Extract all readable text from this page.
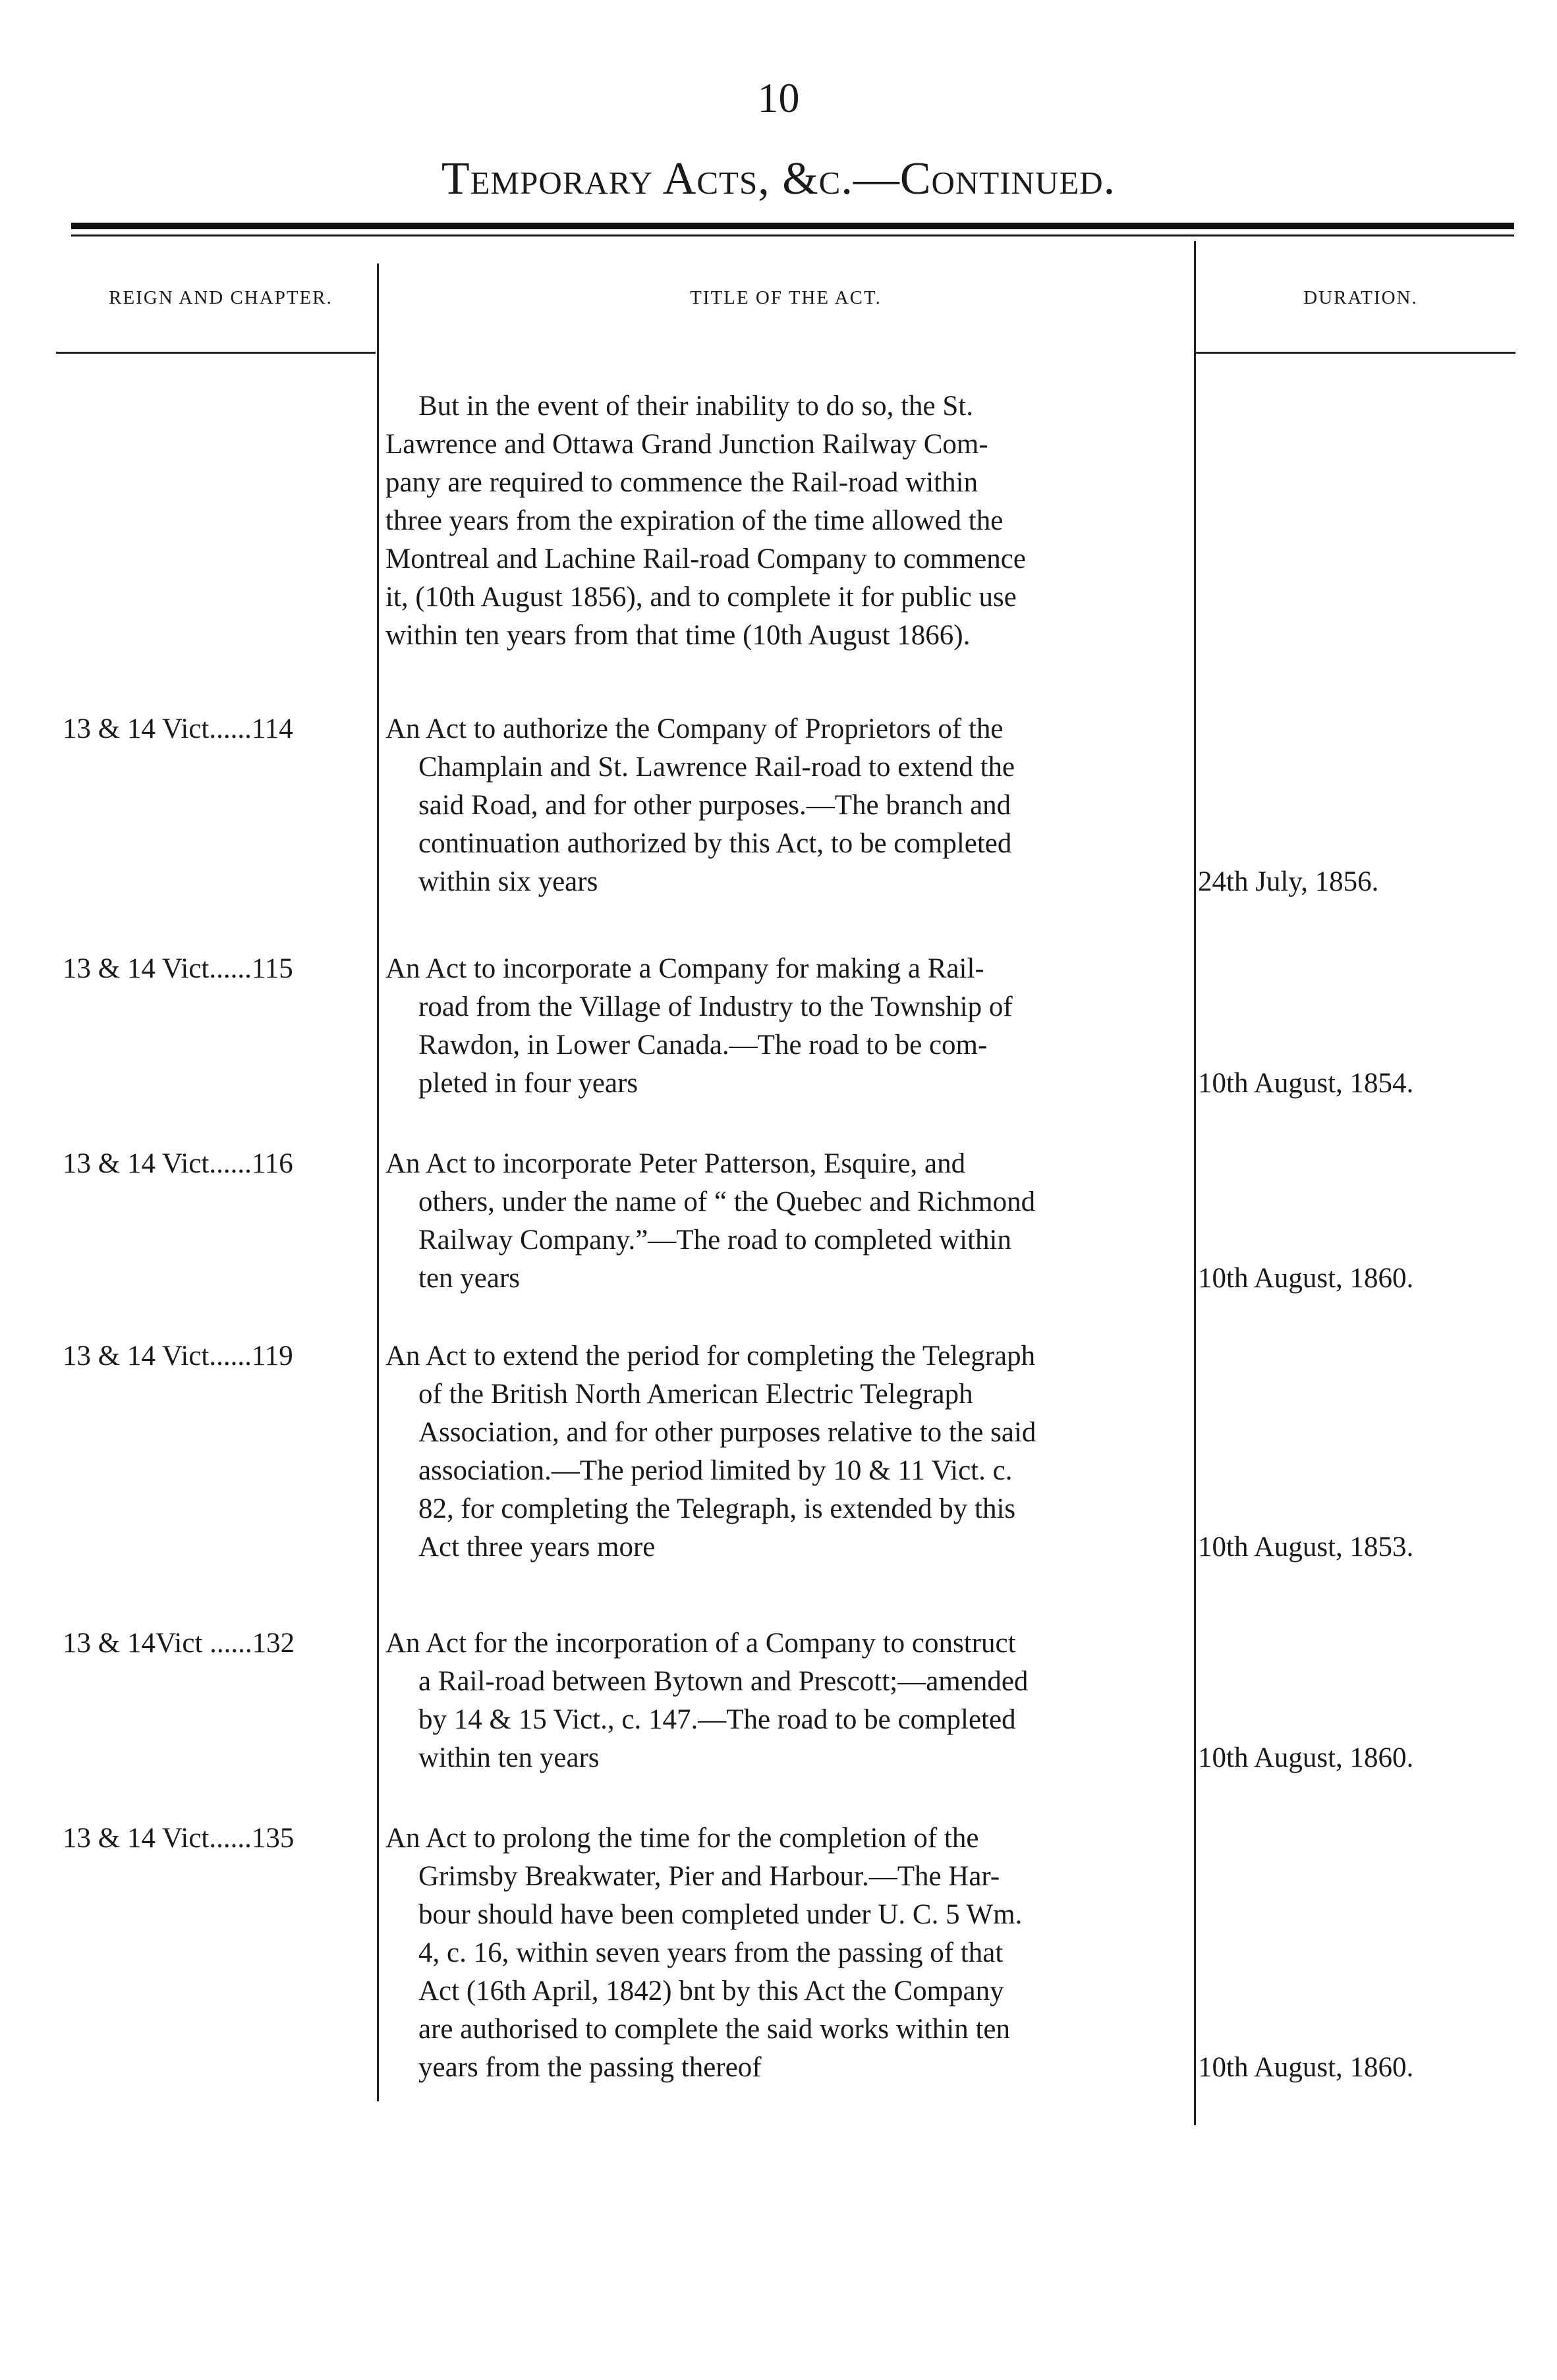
10
Temporary Acts, &c.—Continued.
REIGN AND CHAPTER.	TITLE OF THE ACT.	DURATION.
But in the event of their inability to do so, the St.
Lawrence and Ottawa Grand Junction Railway Com-
pany are required to commence the Rail-road within
three years from the expiration of the time allowed the
Montreal and Lachine Rail-road Company to commence
it, (10th August 1856), and to complete it for public use
within ten years from that time (10th August 1866).
13 & 14 Vict......114	An Act to authorize the Company of Proprietors of the
Champlain and St. Lawrence Rail-road to extend the
said Road, and for other purposes.—The branch and
continuation authorized by this Act, to be completed
within six years	24th July, 1856.
13 & 14 Vict......115	An Act to incorporate a Company for making a Rail-
road from the Village of Industry to the Township of
Rawdon, in Lower Canada.—The road to be com-
pleted in four years	10th August, 1854.
13 & 14 Vict......116	An Act to incorporate Peter Patterson, Esquire, and
others, under the name of “ the Quebec and Richmond
Railway Company.”—The road to completed within
ten years	10th August, 1860.
13 & 14 Vict......119	An Act to extend the period for completing the Telegraph
of the British North American Electric Telegraph
Association, and for other purposes relative to the said
association.—The period limited by 10 & 11 Vict. c.
82, for completing the Telegraph, is extended by this
Act three years more	10th August, 1853.
13 & 14Vict ......132	An Act for the incorporation of a Company to construct
a Rail-road between Bytown and Prescott;—amended
by 14 & 15 Vict., c. 147.—The road to be completed
within ten years	10th August, 1860.
13 & 14 Vict......135	An Act to prolong the time for the completion of the
Grimsby Breakwater, Pier and Harbour.—The Har-
bour should have been completed under U. C. 5 Wm.
4, c. 16, within seven years from the passing of that
Act (16th April, 1842) bnt by this Act the Company
are authorised to complete the said works within ten
years from the passing thereof	10th August, 1860.
